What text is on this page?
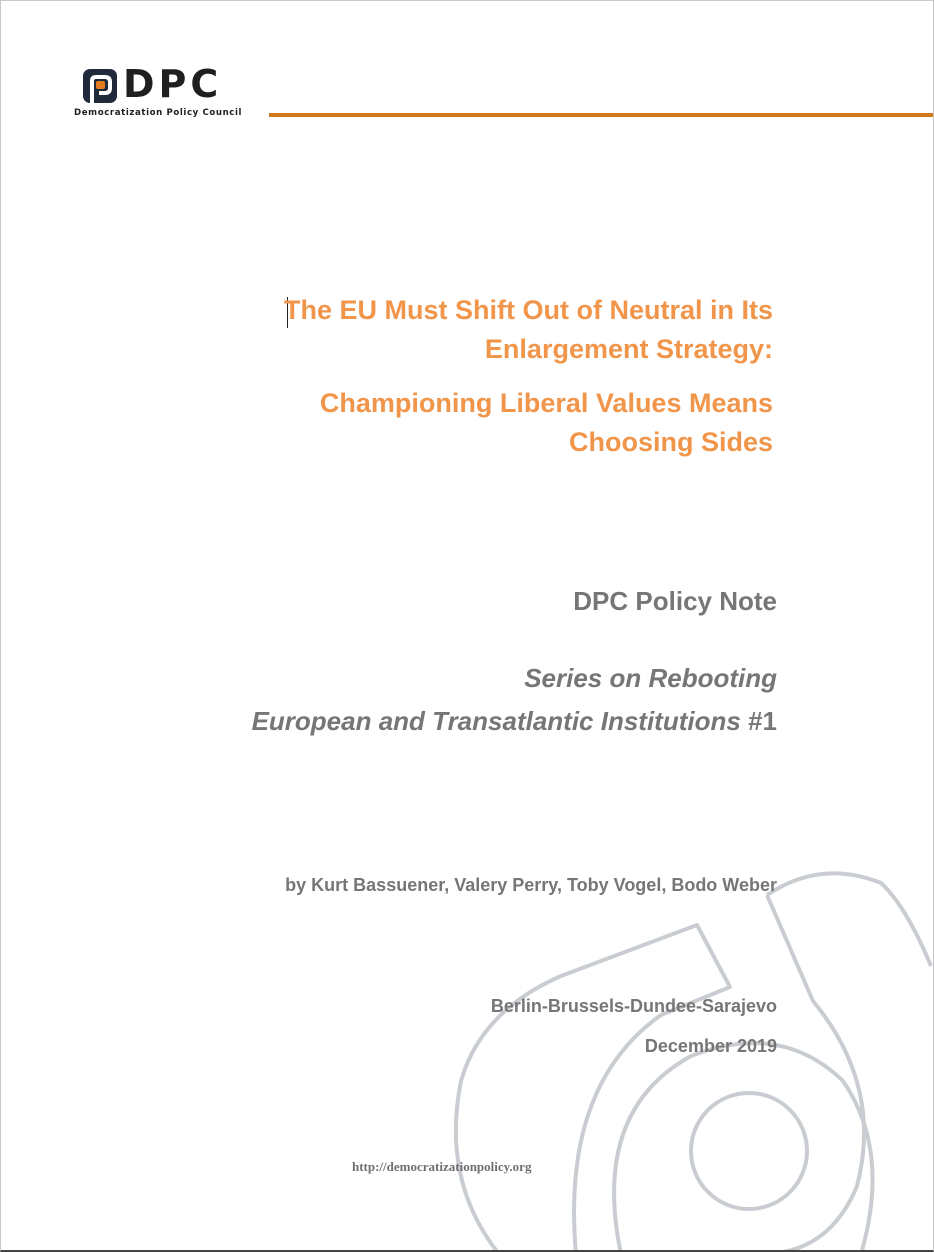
DPC
Democratization Policy Council
The EU Must Shift Out of Neutral in Its
Enlargement Strategy:
Championing Liberal Values Means
Choosing Sides
DPC Policy Note
Series on Rebooting
European and Transatlantic Institutions #1
by Kurt Bassuener, Valery Perry, Toby Vogel, Bodo Weber
Berlin-Brussels-Dundee-Sarajevo
December 2019
http://democratizationpolicy.org
